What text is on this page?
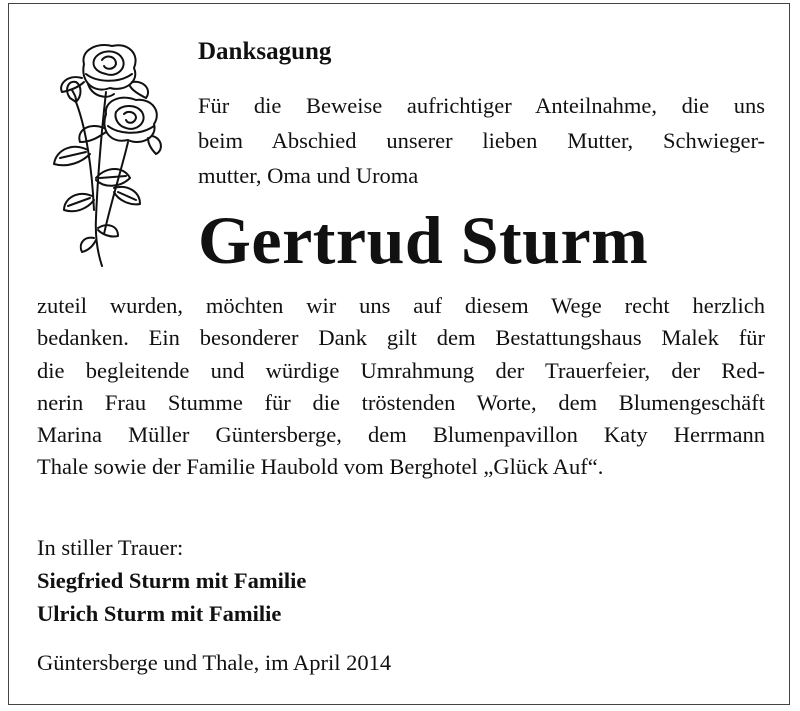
Danksagung
Für die Beweise aufrichtiger Anteilnahme, die uns
beim Abschied unserer lieben Mutter, Schwieger-
mutter, Oma und Uroma
Gertrud Sturm
zuteil wurden, möchten wir uns auf diesem Wege recht herzlich
bedanken. Ein besonderer Dank gilt dem Bestattungshaus Malek für
die begleitende und würdige Umrahmung der Trauerfeier, der Red-
nerin Frau Stumme für die tröstenden Worte, dem Blumengeschäft
Marina Müller Güntersberge, dem Blumenpavillon Katy Herrmann
Thale sowie der Familie Haubold vom Berghotel „Glück Auf“.
In stiller Trauer:
Siegfried Sturm mit Familie
Ulrich Sturm mit Familie
Güntersberge und Thale, im April 2014
